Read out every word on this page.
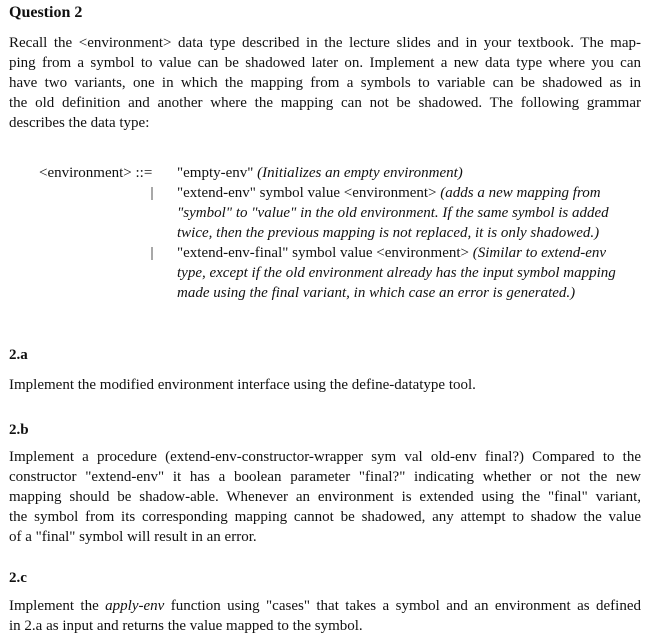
Question 2
Recall the <environment> data type described in the lecture slides and in your textbook. The map-
ping from a symbol to value can be shadowed later on. Implement a new data type where you can
have two variants, one in which the mapping from a symbols to variable can be shadowed as in
the old definition and another where the mapping can not be shadowed. The following grammar
describes the data type:
<environment> ::= "empty-env" (Initializes an empty environment)
|	"extend-env" symbol value <environment> (adds a new mapping from
"symbol" to "value" in the old environment. If the same symbol is added
twice, then the previous mapping is not replaced, it is only shadowed.)
|	"extend-env-final" symbol value <environment> (Similar to extend-env
type, except if the old environment already has the input symbol mapping
made using the final variant, in which case an error is generated.)
2.a
Implement the modified environment interface using the define-datatype tool.
2.b
Implement a procedure (extend-env-constructor-wrapper sym val old-env final?) Compared to the
constructor "extend-env" it has a boolean parameter "final?" indicating whether or not the new
mapping should be shadow-able. Whenever an environment is extended using the "final" variant,
the symbol from its corresponding mapping cannot be shadowed, any attempt to shadow the value
of a "final" symbol will result in an error.
2.c
Implement the apply-env function using "cases" that takes a symbol and an environment as defined
in 2.a as input and returns the value mapped to the symbol.
